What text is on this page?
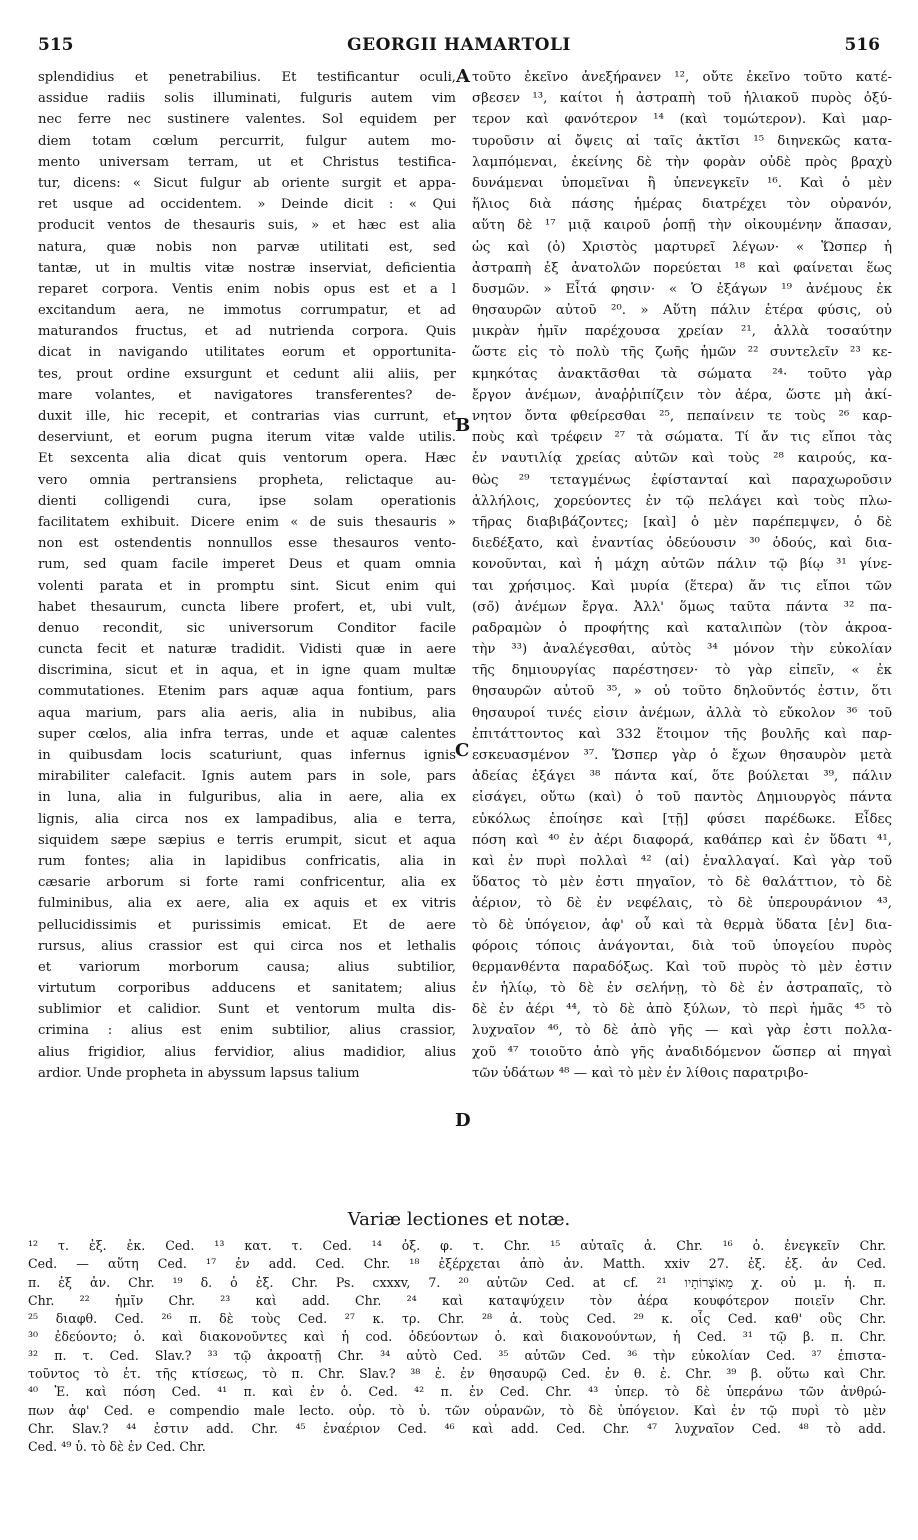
515	GEORGII HAMARTOLI	516
splendidius et penetrabilius. Et testificantur oculi,
assidue radiis solis illuminati, fulguris autem vim
nec ferre nec sustinere valentes. Sol equidem per
diem totam cœlum percurrit, fulgur autem mo-
mento universam terram, ut et Christus testifica-
tur, dicens: « Sicut fulgur ab oriente surgit et appa-
ret usque ad occidentem. » Deinde dicit : « Qui
producit ventos de thesauris suis, » et hæc est alia
natura, quæ nobis non parvæ utilitati est, sed
tantæ, ut in multis vitæ nostræ inserviat, deficientia
reparet corpora. Ventis enim nobis opus est et a l
excitandum aera, ne immotus corrumpatur, et ad
maturandos fructus, et ad nutrienda corpora. Quis
dicat in navigando utilitates eorum et opportunita-
tes, prout ordine exsurgunt et cedunt alii aliis, per
mare volantes, et navigatores transferentes? de-
duxit ille, hic recepit, et contrarias vias currunt, et
deserviunt, et eorum pugna iterum vitæ valde utilis.
Et sexcenta alia dicat quis ventorum opera. Hæc
vero omnia pertransiens propheta, relictaque au-
dienti colligendi cura, ipse solam operationis
facilitatem exhibuit. Dicere enim « de suis thesauris »
non est ostendentis nonnullos esse thesauros vento-
rum, sed quam facile imperet Deus et quam omnia
volenti parata et in promptu sint. Sicut enim qui
habet thesaurum, cuncta libere profert, et, ubi vult,
denuo recondit, sic universorum Conditor facile
cuncta fecit et naturæ tradidit. Vidisti quæ in aere
discrimina, sicut et in aqua, et in igne quam multæ
commutationes. Etenim pars aquæ aqua fontium, pars
aqua marium, pars alia aeris, alia in nubibus, alia
super cœlos, alia infra terras, unde et aquæ calentes
in quibusdam locis scaturiunt, quas infernus ignis
mirabiliter calefacit. Ignis autem pars in sole, pars
in luna, alia in fulguribus, alia in aere, alia ex
lignis, alia circa nos ex lampadibus, alia e terra,
siquidem sæpe sæpius e terris erumpit, sicut et aqua
rum fontes; alia in lapidibus confricatis, alia in
cæsarie arborum si forte rami confricentur, alia ex
fulminibus, alia ex aere, alia ex aquis et ex vitris
pellucidissimis et purissimis emicat. Et de aere
rursus, alius crassior est qui circa nos et lethalis
et variorum morborum causa; alius subtilior,
virtutum corporibus adducens et sanitatem; alius
sublimior et calidior. Sunt et ventorum multa dis-
crimina : alius est enim subtilior, alius crassior,
alius frigidior, alius fervidior, alius madidior, alius
ardior. Unde propheta in abyssum lapsus talium
τοῦτο ἐκεῖνο ἀνεξήρανεν ¹², οὔτε ἐκεῖνο τοῦτο κατέ-
σβεσεν ¹³, καίτοι ἡ ἀστραπὴ τοῦ ἡλιακοῦ πυρὸς ὀξύ-
τερον καὶ φανότερον ¹⁴ (καὶ τομώτερον). Καὶ μαρ-
τυροῦσιν αἱ ὄψεις αἱ ταῖς ἀκτῖσι ¹⁵ διηνεκῶς κατα-
λαμπόμεναι, ἐκείνης δὲ τὴν φορὰν οὐδὲ πρὸς βραχὺ
δυνάμεναι ὑπομεῖναι ἢ ὑπενεγκεῖν ¹⁶. Καὶ ὁ μὲν
ἥλιος διὰ πάσης ἡμέρας διατρέχει τὸν οὐρανόν,
αὕτη δὲ ¹⁷ μιᾷ καιροῦ ῥοπῇ τὴν οἰκουμένην ἅπασαν,
ὡς καὶ (ὁ) Χριστὸς μαρτυρεῖ λέγων· « Ὥσπερ ἡ
ἀστραπὴ ἐξ ἀνατολῶν πορεύεται ¹⁸ καὶ φαίνεται ἕως
δυσμῶν. » Εἶτά φησιν· « Ὁ ἐξάγων ¹⁹ ἀνέμους ἐκ
θησαυρῶν αὐτοῦ ²⁰. » Αὕτη πάλιν ἑτέρα φύσις, οὐ
μικρὰν ἡμῖν παρέχουσα χρείαν ²¹, ἀλλὰ τοσαύτην
ὥστε εἰς τὸ πολὺ τῆς ζωῆς ἡμῶν ²² συντελεῖν ²³ κε-
κμηκότας ἀνακτᾶσθαι τὰ σώματα ²⁴· τοῦτο γὰρ
ἔργον ἀνέμων, ἀναῤῥιπίζειν τὸν ἀέρα, ὥστε μὴ ἀκί-
νητον ὄντα φθείρεσθαι ²⁵, πεπαίνειν τε τοὺς ²⁶ καρ-
ποὺς καὶ τρέφειν ²⁷ τὰ σώματα. Τί ἄν τις εἴποι τὰς
ἐν ναυτιλίᾳ χρείας αὐτῶν καὶ τοὺς ²⁸ καιρούς, κα-
θὼς ²⁹ τεταγμένως ἐφίστανταί καὶ παραχωροῦσιν
ἀλλήλοις, χορεύοντες ἐν τῷ πελάγει καὶ τοὺς πλω-
τῆρας διαβιβάζοντες; [καὶ] ὁ μὲν παρέπεμψεν, ὁ δὲ
διεδέξατο, καὶ ἐναντίας ὁδεύουσιν ³⁰ ὁδούς, καὶ δια-
κονοῦνται, καὶ ἡ μάχη αὐτῶν πάλιν τῷ βίῳ ³¹ γίνε-
ται χρήσιμος. Καὶ μυρία (ἕτερα) ἄν τις εἴποι τῶν
(σο̃) ἀνέμων ἔργα. Ἀλλ' ὅμως ταῦτα πάντα ³² πα-
ραδραμὼν ὁ προφήτης καὶ καταλιπὼν (τὸν ἀκροα-
τὴν ³³) ἀναλέγεσθαι, αὐτὸς ³⁴ μόνον τὴν εὐκολίαν
τῆς δημιουργίας παρέστησεν· τὸ γὰρ εἰπεῖν, « ἐκ
θησαυρῶν αὐτοῦ ³⁵, » οὐ τοῦτο δηλοῦντός ἐστιν, ὅτι
θησαυροί τινές εἰσιν ἀνέμων, ἀλλὰ τὸ εὔκολον ³⁶ τοῦ
ἐπιτάττοντος καὶ 332 ἕτοιμον τῆς βουλῆς καὶ παρ-
εσκευασμένον ³⁷. Ὥσπερ γὰρ ὁ ἔχων θησαυρὸν μετὰ
ἀδείας ἐξάγει ³⁸ πάντα καί, ὅτε βούλεται ³⁹, πάλιν
εἰσάγει, οὕτω (καὶ) ὁ τοῦ παντὸς Δημιουργὸς πάντα
εὐκόλως ἐποίησε καὶ [τῇ] φύσει παρέδωκε. Εἶδες
πόση καὶ ⁴⁰ ἐν ἀέρι διαφορά, καθάπερ καὶ ἐν ὕδατι ⁴¹,
καὶ ἐν πυρὶ πολλαὶ ⁴² (αἱ) ἐναλλαγαί. Καὶ γὰρ τοῦ
ὕδατος τὸ μὲν ἐστι πηγαῖον, τὸ δὲ θαλάττιον, τὸ δὲ
ἀέριον, τὸ δὲ ἐν νεφέλαις, τὸ δὲ ὑπερουράνιον ⁴³,
τὸ δὲ ὑπόγειον, ἀφ' οὗ καὶ τὰ θερμὰ ὕδατα [ἐν] δια-
φόροις τόποις ἀνάγονται, διὰ τοῦ ὑπογείου πυρὸς
θερμανθέντα παραδόξως. Καὶ τοῦ πυρὸς τὸ μὲν ἐστιν
ἐν ἡλίῳ, τὸ δὲ ἐν σελήνῃ, τὸ δὲ ἐν ἀστραπαῖς, τὸ
δὲ ἐν ἀέρι ⁴⁴, τὸ δὲ ἀπὸ ξύλων, τὸ περὶ ἡμᾶς ⁴⁵ τὸ
λυχναῖον ⁴⁶, τὸ δὲ ἀπὸ γῆς — καὶ γὰρ ἐστι πολλα-
χοῦ ⁴⁷ τοιοῦτο ἀπὸ γῆς ἀναδιδόμενον ὥσπερ αἱ πηγαὶ
τῶν ὑδάτων ⁴⁸ — καὶ τὸ μὲν ἐν λίθοις παρατριβο-
A
B
C
D
Variæ lectiones et notæ.
¹² τ. ἐξ. ἐκ. Ced. ¹³ κατ. τ. Ced. ¹⁴ ὀξ. φ. τ. Chr. ¹⁵ αὐταῖς ἀ. Chr. ¹⁶ ὁ. ἐνεγκεῖν Chr.
Ced. — αὕτη Ced. ¹⁷ ἐν add. Ced. Chr. ¹⁸ ἐξέρχεται ἀπὸ ἀν. Matth. xxiv 27. ἐξ. ἐξ. ἀν Ced.
π. ἐξ ἀν. Chr. ¹⁹ δ. ὁ ἐξ. Chr. Ps. cxxxv, 7. ²⁰ αὐτῶν Ced. at cf. מֵאוֹצְרוֹתָיו ²¹ χ. οὐ μ. ἡ. π.
Chr. ²² ἡμῖν Chr. ²³ καὶ add. Chr. ²⁴ καὶ καταψύχειν τὸν ἀέρα κουφότερον ποιεῖν Chr.
²⁵ διαφθ. Ced. ²⁶ π. δὲ τοὺς Ced. ²⁷ κ. τρ. Chr. ²⁸ ἀ. τοὺς Ced. ²⁹ κ. οἷς Ced. καθ' οὓς Chr.
³⁰ ἐδεύοντο; ὁ. καὶ διακονοῦντες καὶ ἡ cod. ὁδεύοντων ὁ. καὶ διακονούντων, ἡ Ced. ³¹ τῷ β. π. Chr.
³² π. τ. Ced. Slav.? ³³ τῷ ἀκροατῇ Chr. ³⁴ αὐτὸ Ced. ³⁵ αὐτῶν Ced. ³⁶ τὴν εὐκολίαν Ced. ³⁷ ἐπιστα-
τοῦντος τὸ ἑτ. τῆς κτίσεως, τὸ π. Chr. Slav.? ³⁸ ἐ. ἐν θησαυρῷ Ced. ἐν θ. ἐ. Chr. ³⁹ β. οὕτω καὶ Chr.
⁴⁰ Ἐ. καὶ πόση Ced. ⁴¹ π. καὶ ἐν ὁ. Ced. ⁴² π. ἐν Ced. Chr. ⁴³ ὑπερ. τὸ δὲ ὑπεράνω τῶν ἀνθρώ-
πων ἀφ' Ced. e compendio male lecto. οὐρ. τὸ ὑ. τῶν οὐρανῶν, τὸ δὲ ὑπόγειον. Καὶ ἐν τῷ πυρὶ τὸ μὲν
Chr. Slav.? ⁴⁴ ἐστιν add. Chr. ⁴⁵ ἐναέριον Ced. ⁴⁶ καὶ add. Ced. Chr. ⁴⁷ λυχναῖον Ced. ⁴⁸ τὸ add.
Ced. ⁴⁹ ὑ. τὸ δὲ ἐν Ced. Chr.
